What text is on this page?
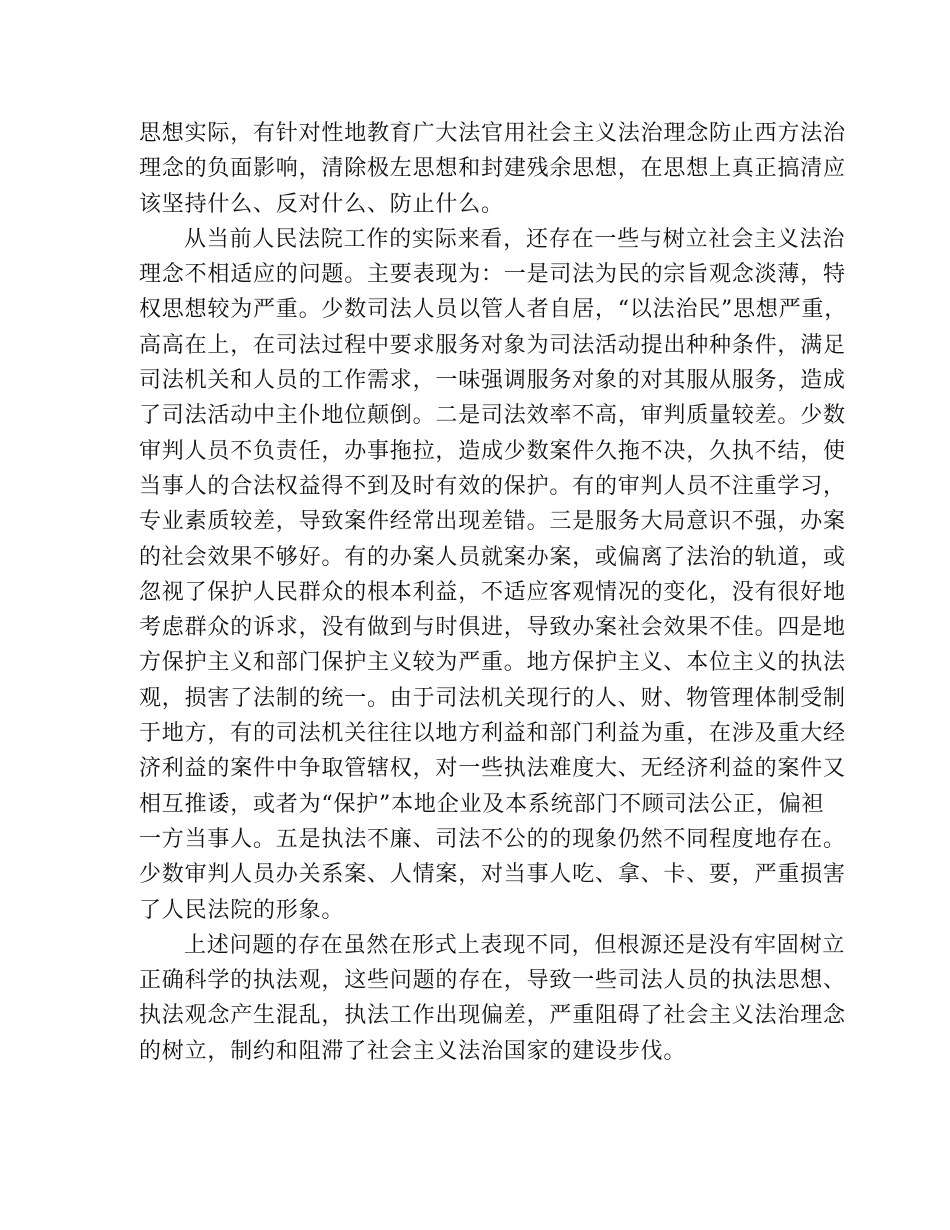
思想实际，有针对性地教育广大法官用社会主义法治理念防止西方法治
理念的负面影响，清除极左思想和封建残余思想，在思想上真正搞清应
该坚持什么、反对什么、防止什么。

从当前人民法院工作的实际来看，还存在一些与树立社会主义法治
理念不相适应的问题。主要表现为：一是司法为民的宗旨观念淡薄，特
权思想较为严重。少数司法人员以管人者自居，“以法治民”思想严重，
高高在上，在司法过程中要求服务对象为司法活动提出种种条件，满足
司法机关和人员的工作需求，一味强调服务对象的对其服从服务，造成
了司法活动中主仆地位颠倒。二是司法效率不高，审判质量较差。少数
审判人员不负责任，办事拖拉，造成少数案件久拖不决，久执不结，使
当事人的合法权益得不到及时有效的保护。有的审判人员不注重学习，
专业素质较差，导致案件经常出现差错。三是服务大局意识不强，办案
的社会效果不够好。有的办案人员就案办案，或偏离了法治的轨道，或
忽视了保护人民群众的根本利益，不适应客观情况的变化，没有很好地
考虑群众的诉求，没有做到与时俱进，导致办案社会效果不佳。四是地
方保护主义和部门保护主义较为严重。地方保护主义、本位主义的执法
观，损害了法制的统一。由于司法机关现行的人、财、物管理体制受制
于地方，有的司法机关往往以地方利益和部门利益为重，在涉及重大经
济利益的案件中争取管辖权，对一些执法难度大、无经济利益的案件又
相互推诿，或者为“保护”本地企业及本系统部门不顾司法公正，偏袒
一方当事人。五是执法不廉、司法不公的的现象仍然不同程度地存在。
少数审判人员办关系案、人情案，对当事人吃、拿、卡、要，严重损害
了人民法院的形象。

上述问题的存在虽然在形式上表现不同，但根源还是没有牢固树立
正确科学的执法观，这些问题的存在，导致一些司法人员的执法思想、
执法观念产生混乱，执法工作出现偏差，严重阻碍了社会主义法治理念
的树立，制约和阻滞了社会主义法治国家的建设步伐。
